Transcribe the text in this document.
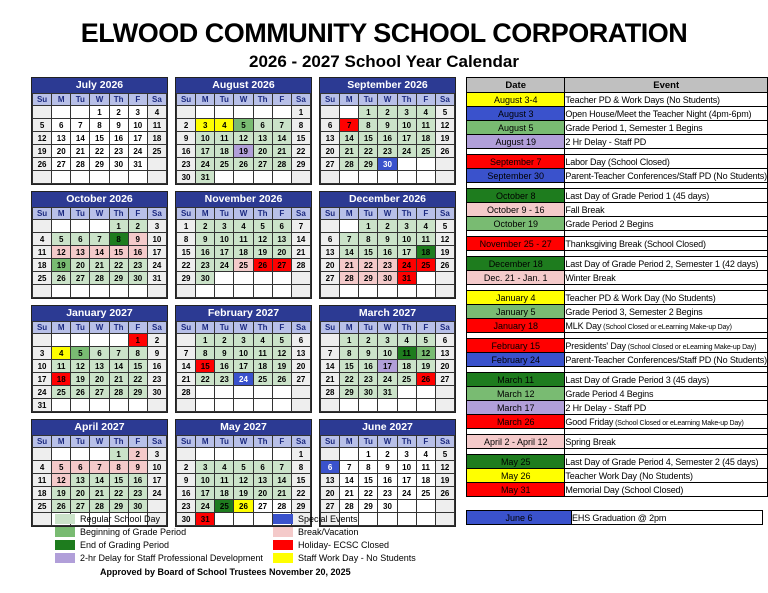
ELWOOD COMMUNITY SCHOOL CORPORATION
2026 - 2027 School Year Calendar
July 2026
Su	M	Tu	W	Th	F	Sa
			1	2	3	4
5	6	7	8	9	10	11
12	13	14	15	16	17	18
19	20	21	22	23	24	25
26	27	28	29	30	31	

August 2026
Su	M	Tu	W	Th	F	Sa
						1
2	3	4	5	6	7	8
9	10	11	12	13	14	15
16	17	18	19	20	21	22
23	24	25	26	27	28	29
30	31					
September 2026
Su	M	Tu	W	Th	F	Sa
		1	2	3	4	5
6	7	8	9	10	11	12
13	14	15	16	17	18	19
20	21	22	23	24	25	26
27	28	29	30			

October 2026
Su	M	Tu	W	Th	F	Sa
				1	2	3
4	5	6	7	8	9	10
11	12	13	14	15	16	17
18	19	20	21	22	23	24
25	26	27	28	29	30	31

November 2026
Su	M	Tu	W	Th	F	Sa
1	2	3	4	5	6	7
8	9	10	11	12	13	14
15	16	17	18	19	20	21
22	23	24	25	26	27	28
29	30					

December 2026
Su	M	Tu	W	Th	F	Sa
		1	2	3	4	5
6	7	8	9	10	11	12
13	14	15	16	17	18	19
20	21	22	23	24	25	26
27	28	29	30	31		

January 2027
Su	M	Tu	W	Th	F	Sa
					1	2
3	4	5	6	7	8	9
10	11	12	13	14	15	16
17	18	19	20	21	22	23
24	25	26	27	28	29	30
31						
February 2027
Su	M	Tu	W	Th	F	Sa
	1	2	3	4	5	6
7	8	9	10	11	12	13
14	15	16	17	18	19	20
21	22	23	24	25	26	27
28						

March 2027
Su	M	Tu	W	Th	F	Sa
	1	2	3	4	5	6
7	8	9	10	11	12	13
14	15	16	17	18	19	20
21	22	23	24	25	26	27
28	29	30	31			

April 2027
Su	M	Tu	W	Th	F	Sa
				1	2	3
4	5	6	7	8	9	10
11	12	13	14	15	16	17
18	19	20	21	22	23	24
25	26	27	28	29	30	

May 2027
Su	M	Tu	W	Th	F	Sa
						1
2	3	4	5	6	7	8
9	10	11	12	13	14	15
16	17	18	19	20	21	22
23	24	25	26	27	28	29
30	31					
June 2027
Su	M	Tu	W	Th	F	Sa
		1	2	3	4	5
6	7	8	9	10	11	12
13	14	15	16	17	18	19
20	21	22	23	24	25	26
27	28	29	30			

Date	Event
August 3-4	Teacher PD & Work Days (No Students)
August 3	Open House/Meet the Teacher Night (4pm-6pm)
August 5	Grade Period 1, Semester 1 Begins
August 19	2 Hr Delay - Staff PD

September 7	Labor Day (School Closed)
September 30	Parent-Teacher Conferences/Staff PD (No Students)

October 8	Last Day of Grade Period 1 (45 days)
October 9 - 16	Fall Break
October 19	Grade Period 2 Begins

November 25 - 27	Thanksgiving Break (School Closed)

December 18	Last Day of Grade Period 2, Semester 1 (42 days)
Dec. 21 - Jan. 1	Winter Break

January 4	Teacher PD & Work Day (No Students)
January 5	Grade Period 3, Semester 2 Begins
January 18	MLK Day (School Closed or eLearning Make-up Day)

February 15	Presidents' Day (School Closed or eLearning Make-up Day)
February 24	Parent-Teacher Conferences/Staff PD (No Students)

March 11	Last Day of Grade Period 3 (45 days)
March 12	Grade Period 4 Begins
March 17	2 Hr Delay - Staff PD
March 26	Good Friday (School Closed or eLearning Make-up Day)

April 2 - April 12	Spring Break

May 25	Last Day of Grade Period 4, Semester 2 (45 days)
May 26	Teacher Work Day (No Students)
May 31	Memorial Day (School Closed)
June 6	EHS Graduation @ 2pm
Regular School Day
Beginning of Grade Period
End of Grading Period
2-hr Delay for Staff Professional Development
Special Events
Break/Vacation
Holiday- ECSC Closed
Staff Work Day - No Students
Approved by Board of School Trustees November 20, 2025
